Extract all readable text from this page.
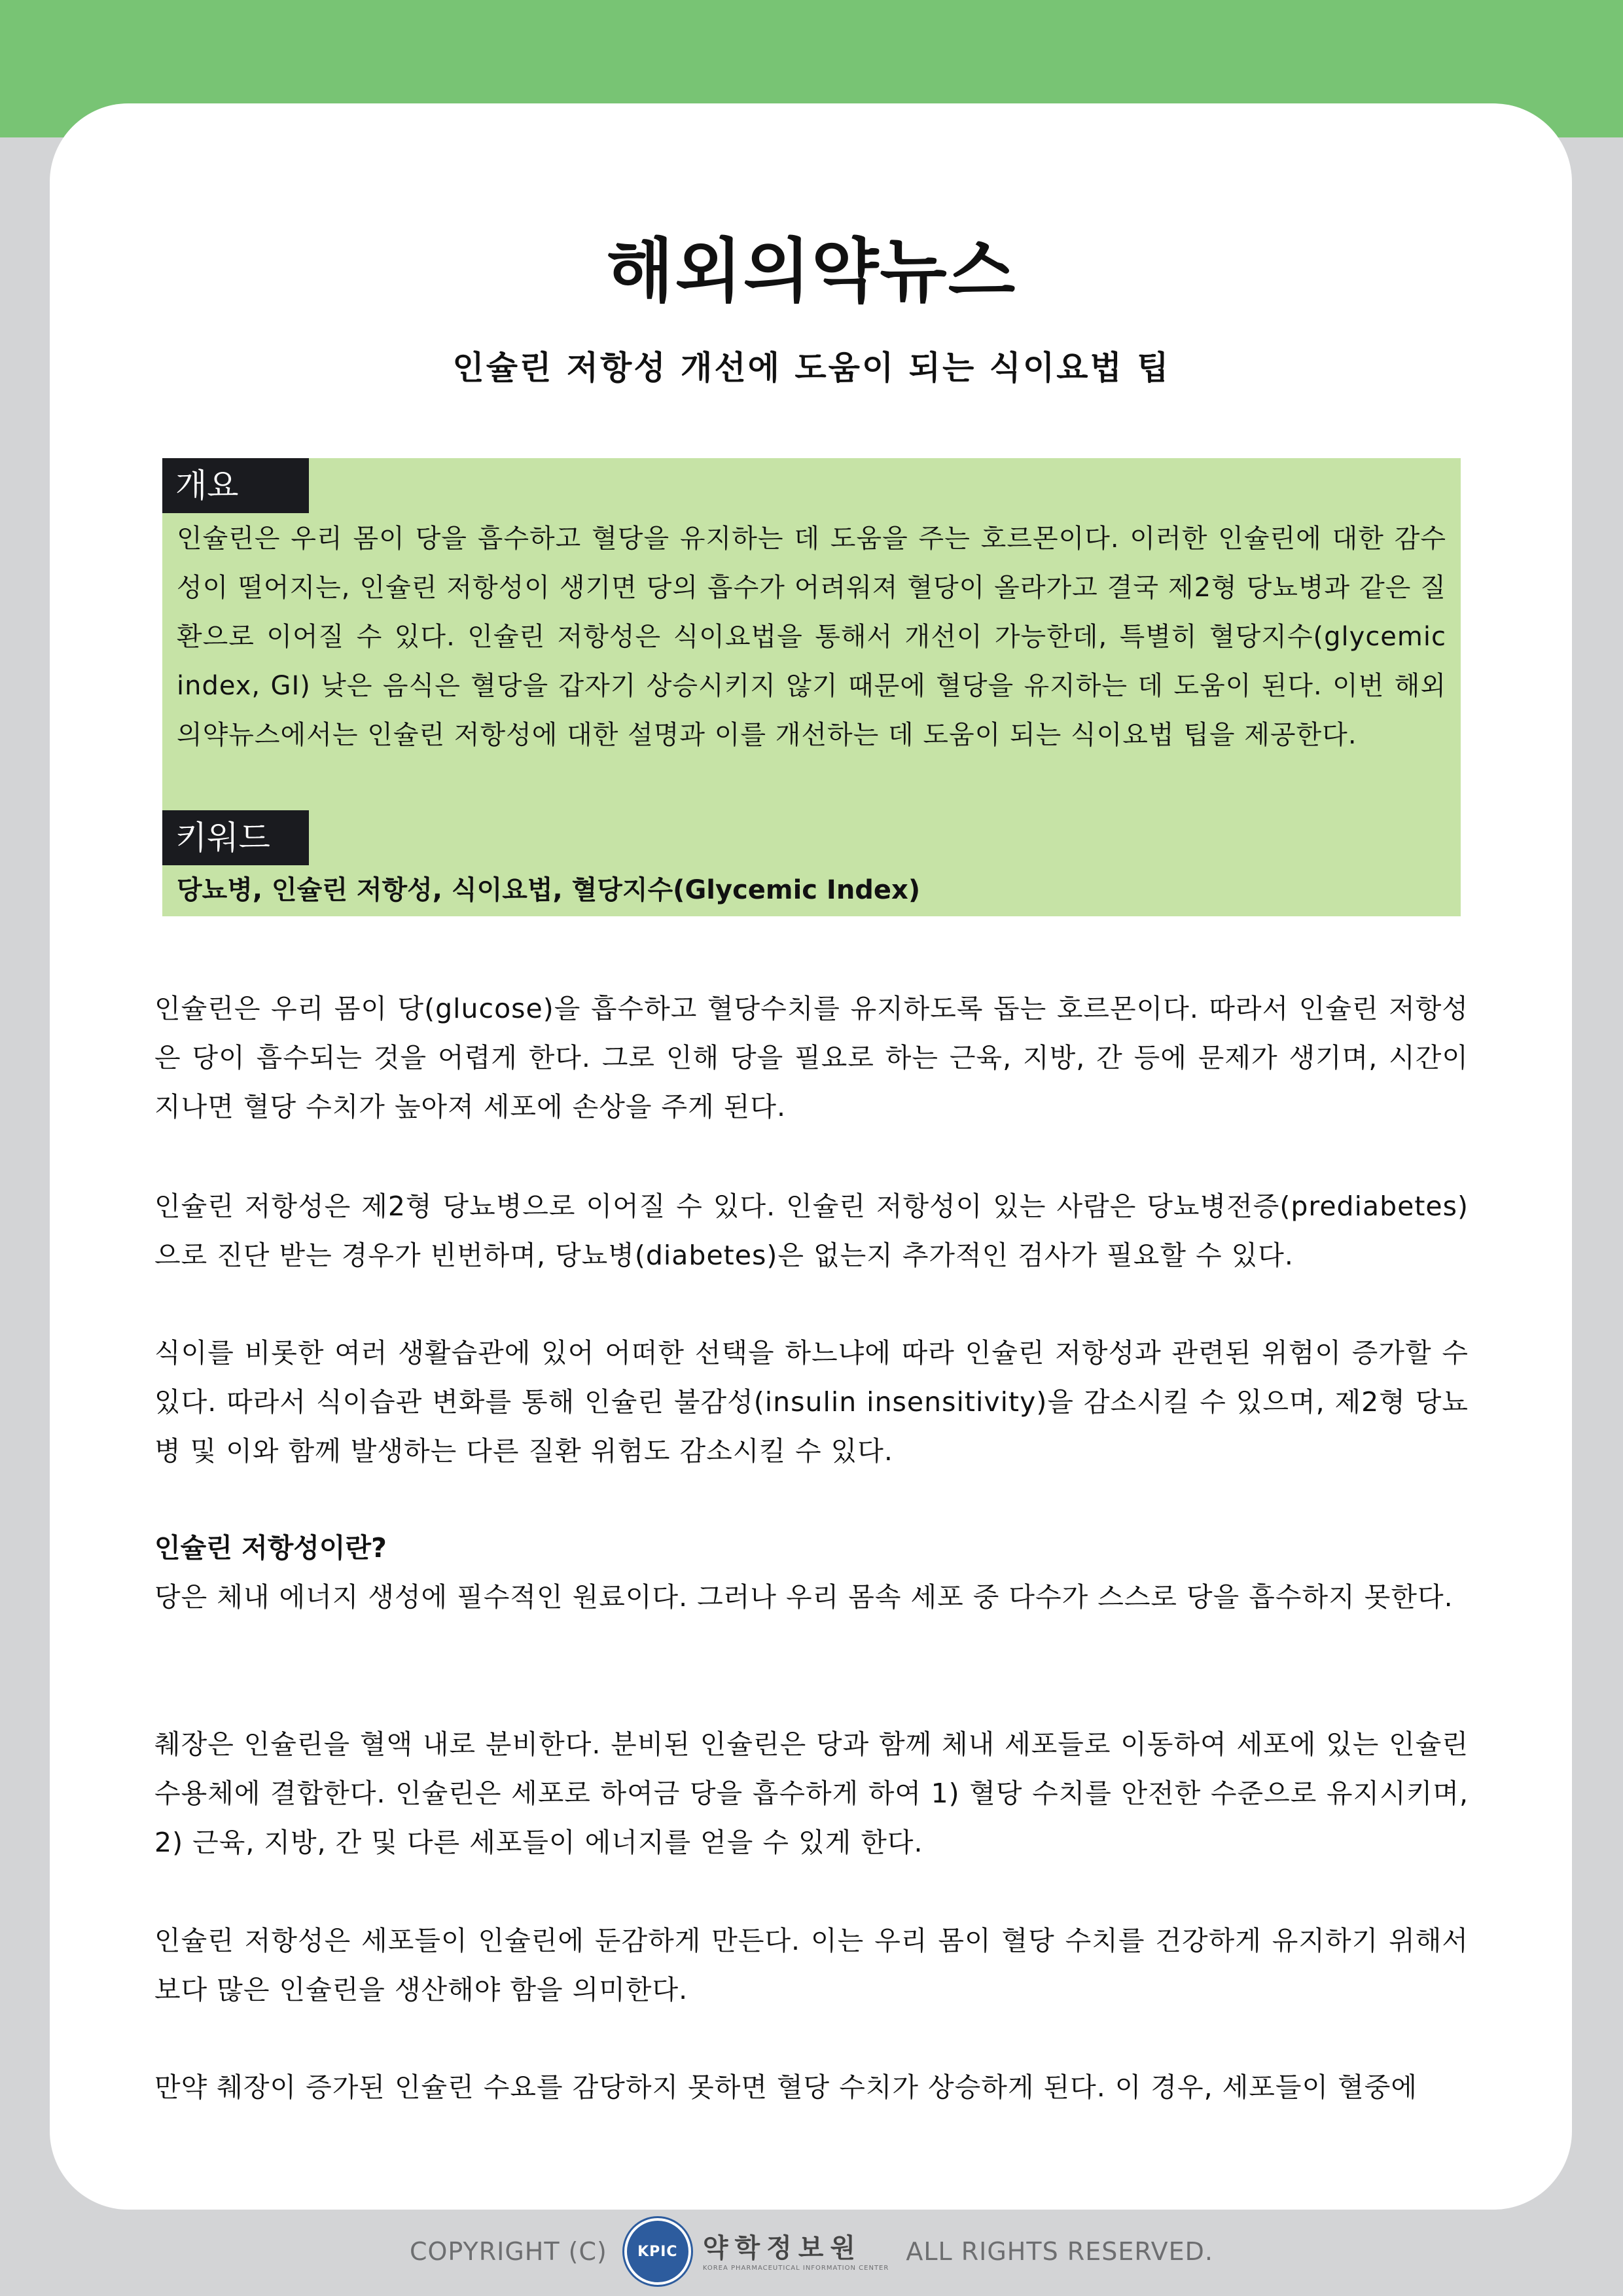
해외의약뉴스
인슐린 저항성 개선에 도움이 되는 식이요법 팁
개요

인슐린은 우리 몸이 당을 흡수하고 혈당을 유지하는 데 도움을 주는 호르몬이다. 이러한 인슐린에 대한 감수성이 떨어지는, 인슐린 저항성이 생기면 당의 흡수가 어려워져 혈당이 올라가고 결국 제2형 당뇨병과 같은 질환으로 이어질 수 있다. 인슐린 저항성은 식이요법을 통해서 개선이 가능한데, 특별히 혈당지수(glycemic index, GI) 낮은 음식은 혈당을 갑자기 상승시키지 않기 때문에 혈당을 유지하는 데 도움이 된다. 이번 해외의약뉴스에서는 인슐린 저항성에 대한 설명과 이를 개선하는 데 도움이 되는 식이요법 팁을 제공한다.

키워드

당뇨병, 인슐린 저항성, 식이요법, 혈당지수(Glycemic Index)

인슐린은 우리 몸이 당(glucose)을 흡수하고 혈당수치를 유지하도록 돕는 호르몬이다. 따라서 인슐린 저항성은 당이 흡수되는 것을 어렵게 한다. 그로 인해 당을 필요로 하는 근육, 지방, 간 등에 문제가 생기며, 시간이 지나면 혈당 수치가 높아져 세포에 손상을 주게 된다.

인슐린 저항성은 제2형 당뇨병으로 이어질 수 있다. 인슐린 저항성이 있는 사람은 당뇨병전증(prediabetes)으로 진단 받는 경우가 빈번하며, 당뇨병(diabetes)은 없는지 추가적인 검사가 필요할 수 있다.

식이를 비롯한 여러 생활습관에 있어 어떠한 선택을 하느냐에 따라 인슐린 저항성과 관련된 위험이 증가할 수 있다. 따라서 식이습관 변화를 통해 인슐린 불감성(insulin insensitivity)을 감소시킬 수 있으며, 제2형 당뇨병 및 이와 함께 발생하는 다른 질환 위험도 감소시킬 수 있다.

인슐린 저항성이란?

당은 체내 에너지 생성에 필수적인 원료이다. 그러나 우리 몸속 세포 중 다수가 스스로 당을 흡수하지 못한다.

췌장은 인슐린을 혈액 내로 분비한다. 분비된 인슐린은 당과 함께 체내 세포들로 이동하여 세포에 있는 인슐린 수용체에 결합한다. 인슐린은 세포로 하여금 당을 흡수하게 하여 1) 혈당 수치를 안전한 수준으로 유지시키며, 2) 근육, 지방, 간 및 다른 세포들이 에너지를 얻을 수 있게 한다.

인슐린 저항성은 세포들이 인슐린에 둔감하게 만든다. 이는 우리 몸이 혈당 수치를 건강하게 유지하기 위해서 보다 많은 인슐린을 생산해야 함을 의미한다.

만약 췌장이 증가된 인슐린 수요를 감당하지 못하면 혈당 수치가 상승하게 된다. 이 경우, 세포들이 혈중에

COPYRIGHT (C) KPIC 약학정보원
KOREA PHARMACEUTICAL INFORMATION CENTER
ALL RIGHTS RESERVED.
